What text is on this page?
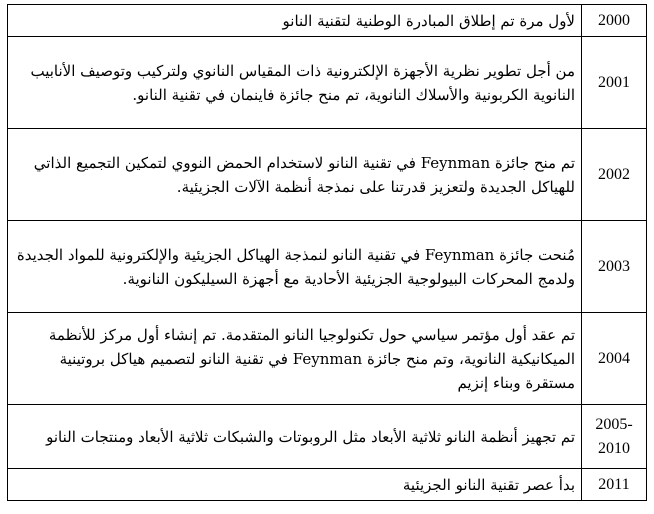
2000	لأول مرة تم إطلاق المبادرة الوطنية لتقنية النانو
2001	من أجل تطوير نظرية الأجهزة الإلكترونية ذات المقياس النانوي ولتركيب وتوصيف الأنابيب النانوية الكربونية والأسلاك النانوية، تم منح جائزة فاينمان في تقنية النانو.
2002	تم منح جائزة Feynman في تقنية النانو لاستخدام الحمض النووي لتمكين التجميع الذاتي للهياكل الجديدة ولتعزيز قدرتنا على نمذجة أنظمة الآلات الجزيئية.
2003	مُنحت جائزة Feynman في تقنية النانو لنمذجة الهياكل الجزيئية والإلكترونية للمواد الجديدة ولدمج المحركات البيولوجية الجزيئية الأحادية مع أجهزة السيليكون النانوية.
2004	تم عقد أول مؤتمر سياسي حول تكنولوجيا النانو المتقدمة. تم إنشاء أول مركز للأنظمة الميكانيكية النانوية، وتم منح جائزة Feynman في تقنية النانو لتصميم هياكل بروتينية مستقرة وبناء إنزيم
2005-2010	تم تجهيز أنظمة النانو ثلاثية الأبعاد مثل الروبوتات والشبكات ثلاثية الأبعاد ومنتجات النانو
2011	بدأ عصر تقنية النانو الجزيئية
